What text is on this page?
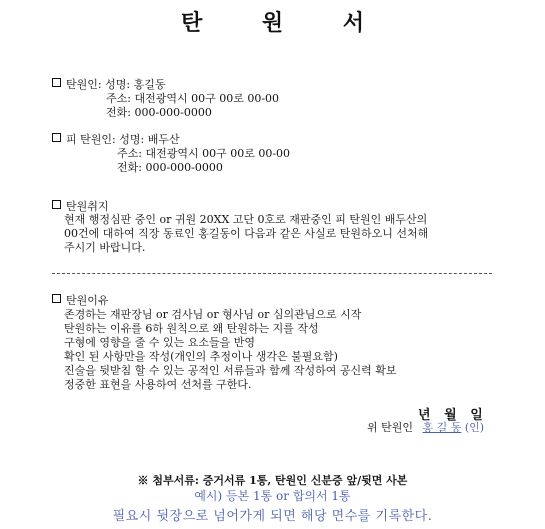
탄 원 서
탄원인: 성명: 홍길동
주소: 대전광역시 00구 00로 00-00
전화: 000-000-0000
피 탄원인: 성명: 배두산
주소: 대전광역시 00구 00로 00-00
전화: 000-000-0000
탄원취지
현재 행정심판 중인 or 귀원 20XX 고단 0호로 재판중인 피 탄원인 배두산의
00건에 대하여 직장 동료인 홍길동이 다음과 같은 사실로 탄원하오니 선처해
주시기 바랍니다.
탄원이유
존경하는 재판장님 or 검사님 or 형사님 or 심의관님으로 시작
탄원하는 이유를 6하 원칙으로 왜 탄원하는 지를 작성
구형에 영향을 줄 수 있는 요소들을 반영
확인 된 사항만을 작성(개인의 추정이나 생각은 불필요함)
진술을 뒷받침 할 수 있는 공적인 서류들과 함께 작성하여 공신력 확보
정중한 표현을 사용하여 선처를 구한다.
년   월   일
위 탄원인 홍 길 동 (인)
※ 첨부서류: 증거서류 1통, 탄원인 신분증 앞/뒷면 사본
예시) 등본 1통 or 합의서 1통
필요시 뒷장으로 넘어가게 되면 해당 면수를 기록한다.
